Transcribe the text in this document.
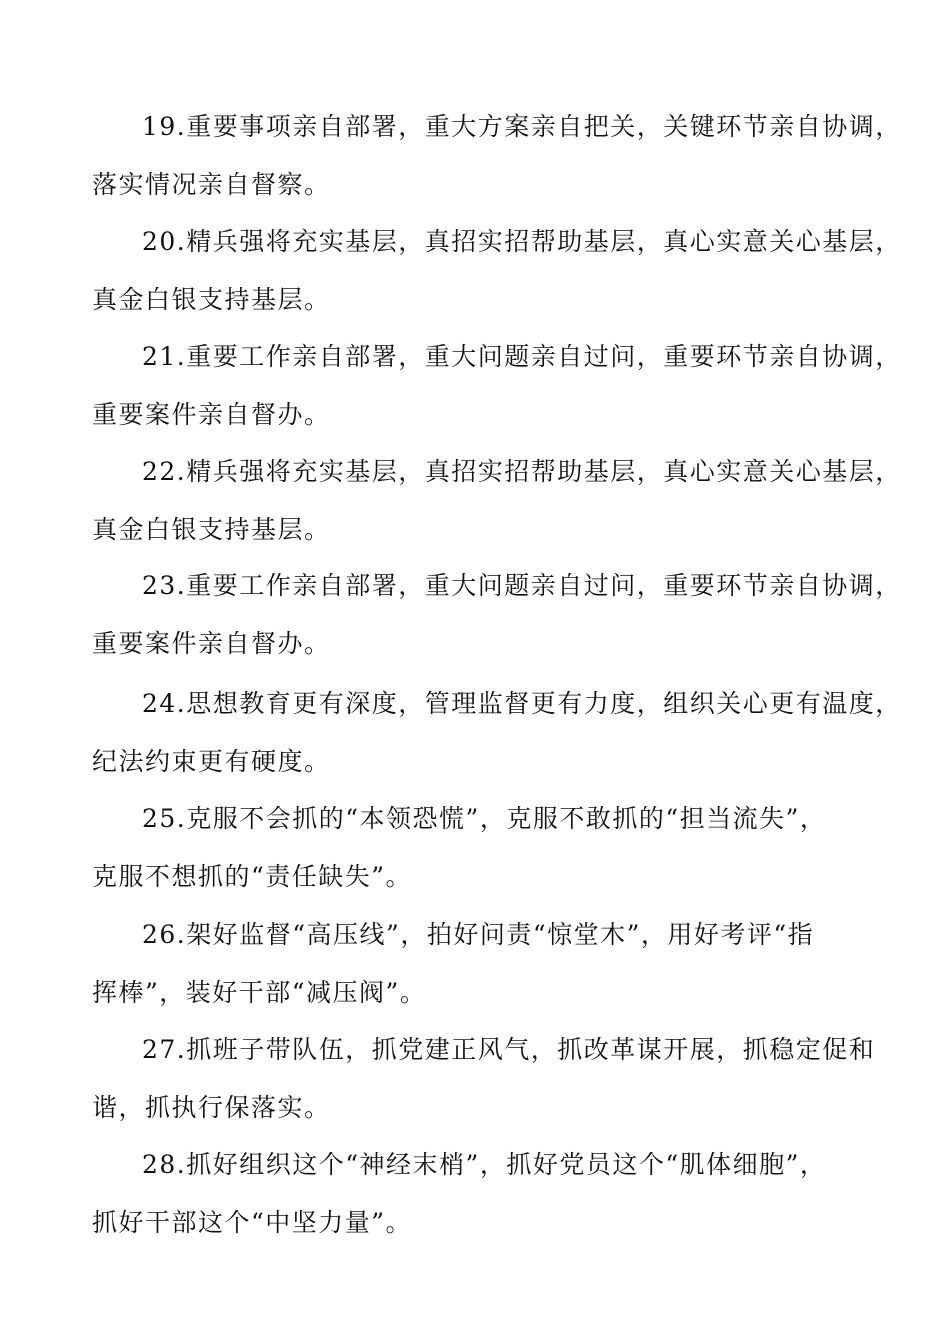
19.重要事项亲自部署，重大方案亲自把关，关键环节亲自协调，
落实情况亲自督察。

20.精兵强将充实基层，真招实招帮助基层，真心实意关心基层，
真金白银支持基层。

21.重要工作亲自部署，重大问题亲自过问，重要环节亲自协调，
重要案件亲自督办。

22.精兵强将充实基层，真招实招帮助基层，真心实意关心基层，
真金白银支持基层。

23.重要工作亲自部署，重大问题亲自过问，重要环节亲自协调，
重要案件亲自督办。

24.思想教育更有深度，管理监督更有力度，组织关心更有温度，
纪法约束更有硬度。

25.克服不会抓的“本领恐慌”，克服不敢抓的“担当流失”，
克服不想抓的“责任缺失”。

26.架好监督“高压线”，拍好问责“惊堂木”，用好考评“指
挥棒”，装好干部“减压阀”。

27.抓班子带队伍，抓党建正风气，抓改革谋开展，抓稳定促和
谐，抓执行保落实。

28.抓好组织这个“神经末梢”，抓好党员这个“肌体细胞”，
抓好干部这个“中坚力量”。
